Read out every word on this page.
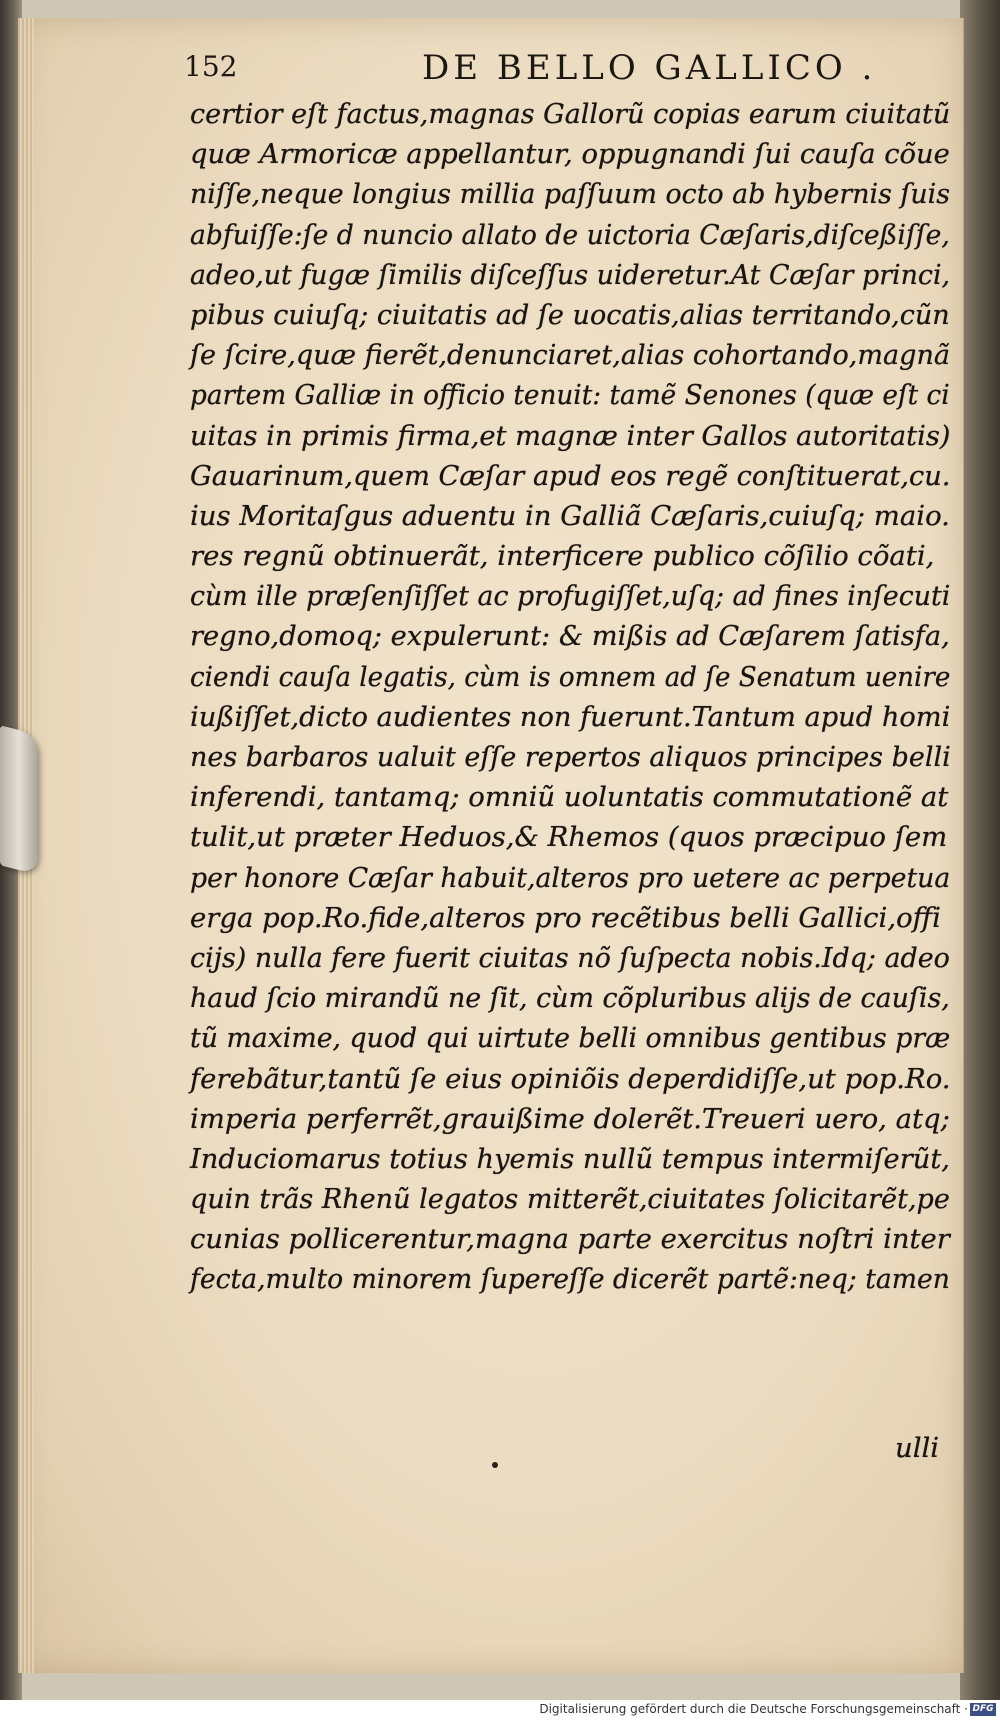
152	DE BELLO GALLICO .
certior eſt factus,magnas Gallorũ copias earum ciuitatũ
quæ Armoricæ appellantur, oppugnandi ſui cauſa cõue
niſſe,neque longius millia paſſuum octo ab hybernis ſuis
abfuiſſe:ſe d nuncio allato de uictoria Cæſaris,diſceßiſſe,
adeo,ut fugæ ſimilis diſceſſus uideretur.At Cæſar princi,
pibus cuiuſq; ciuitatis ad ſe uocatis,alias territando,cũn
ſe ſcire,quæ fierẽt,denunciaret,alias cohortando,magnã
partem Galliæ in officio tenuit: tamẽ Senones (quæ eſt ci
uitas in primis firma,et magnæ inter Gallos autoritatis)
Gauarinum,quem Cæſar apud eos regẽ conſtituerat,cu.
ius Moritaſgus aduentu in Galliã Cæſaris,cuiuſq; maio.
res regnũ obtinuerãt, interficere publico cõſilio cõati,
cùm ille præſenſiſſet ac profugiſſet,uſq; ad fines inſecuti
regno,domoq; expulerunt: & mißis ad Cæſarem ſatisfa,
ciendi cauſa legatis, cùm is omnem ad ſe Senatum uenire
iußiſſet,dicto audientes non fuerunt.Tantum apud homi
nes barbaros ualuit eſſe repertos aliquos principes belli
inferendi, tantamq; omniũ uoluntatis commutationẽ at
tulit,ut præter Heduos,& Rhemos (quos præcipuo ſem
per honore Cæſar habuit,alteros pro uetere ac perpetua
erga pop.Ro.fide,alteros pro recẽtibus belli Gallici,offi
cijs) nulla fere fuerit ciuitas nõ ſuſpecta nobis.Idq; adeo
haud ſcio mirandũ ne ſit, cùm cõpluribus alijs de cauſis,
tũ maxime, quod qui uirtute belli omnibus gentibus præ
ferebãtur,tantũ ſe eius opiniõis deperdidiſſe,ut pop.Ro.
imperia perferrẽt,grauißime dolerẽt.Treueri uero, atq;
Induciomarus totius hyemis nullũ tempus intermiſerũt,
quin trãs Rhenũ legatos mitterẽt,ciuitates ſolicitarẽt,pe
cunias pollicerentur,magna parte exercitus noſtri inter
fecta,multo minorem ſupereſſe dicerẽt partẽ:neq; tamen
ulli
Digitalisierung gefördert durch die Deutsche Forschungsgemeinschaft · DFG
